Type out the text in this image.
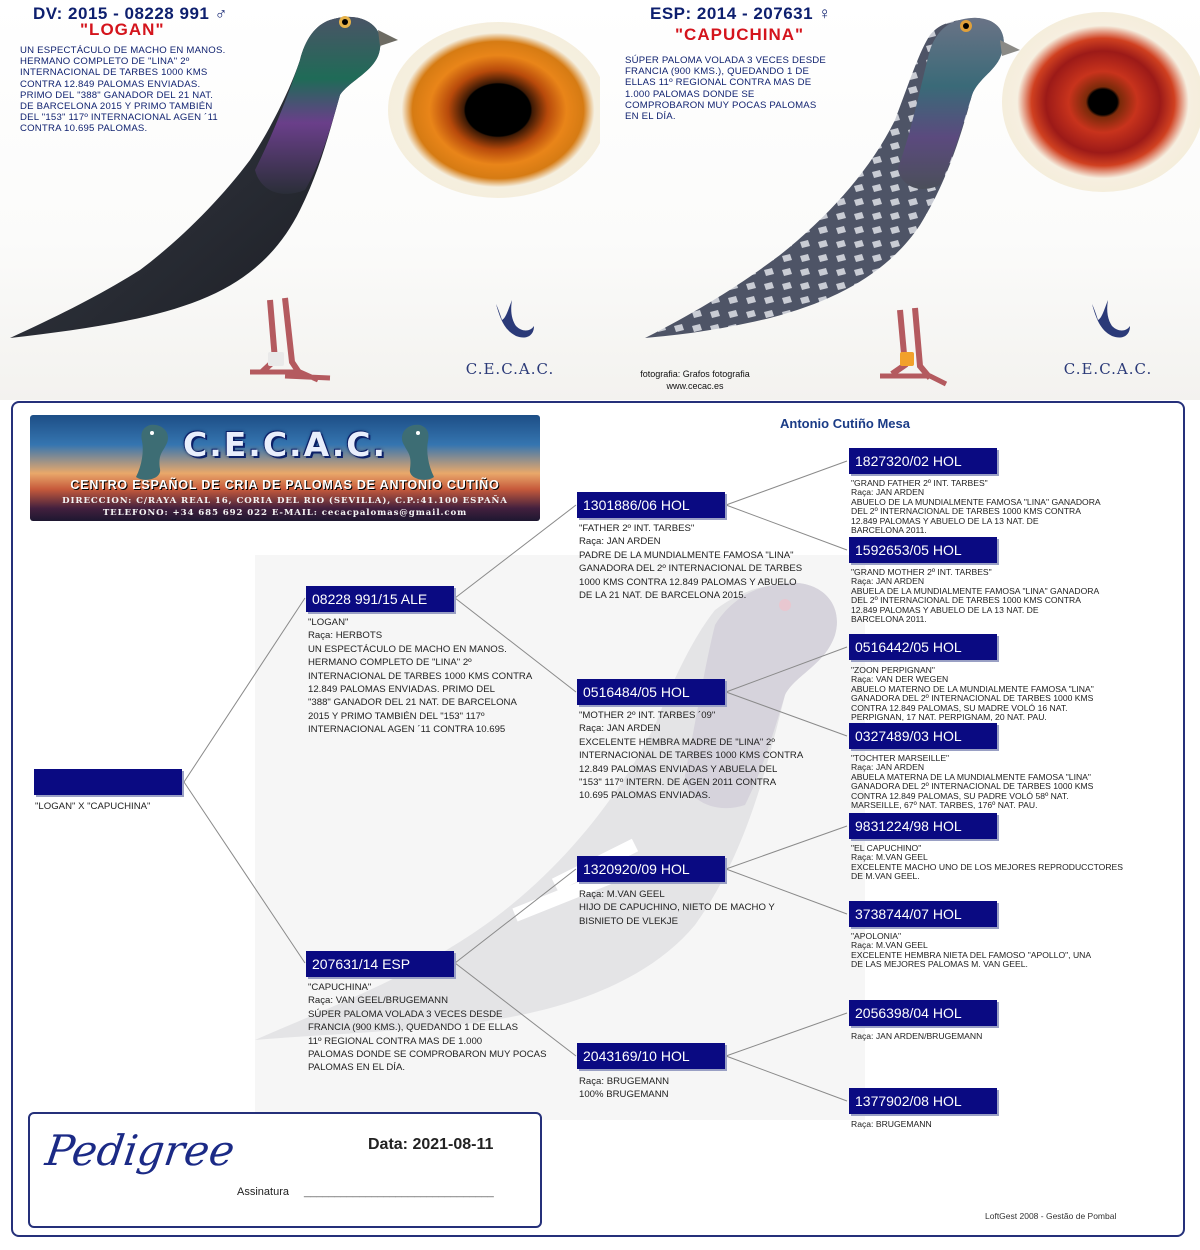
DV: 2015 - 08228 991 ♂
"LOGAN"
UN ESPECTÁCULO DE MACHO EN MANOS.
HERMANO COMPLETO DE "LINA" 2º
INTERNACIONAL DE TARBES 1000 KMS
CONTRA 12.849 PALOMAS ENVIADAS.
PRIMO DEL "388" GANADOR DEL 21 NAT.
DE BARCELONA 2015 Y PRIMO TAMBIÉN
DEL "153" 117º INTERNACIONAL AGEN ´11
CONTRA 10.695 PALOMAS.
C.E.C.A.C.
ESP: 2014 - 207631 ♀
"CAPUCHINA"
SÚPER PALOMA VOLADA 3 VECES DESDE
FRANCIA (900 KMS.), QUEDANDO 1 DE
ELLAS 11º REGIONAL CONTRA MAS DE
1.000 PALOMAS DONDE SE
COMPROBARON MUY POCAS PALOMAS
EN EL DÍA.
fotografia: Grafos fotografia
www.cecac.es
C.E.C.A.C.
C.E.C.A.C.
CENTRO ESPAÑOL DE CRIA DE PALOMAS DE ANTONIO CUTIÑO
DIRECCION: C/RAYA REAL 16, CORIA DEL RIO (SEVILLA), C.P.:41.100 ESPAÑA
TELEFONO: +34 685 692 022 E-MAIL: cecacpalomas@gmail.com
Antonio Cutiño Mesa
"LOGAN" X "CAPUCHINA"
08228 991/15 ALE
"LOGAN"
Raça: HERBOTS
UN ESPECTÁCULO DE MACHO EN MANOS.
HERMANO COMPLETO DE "LINA" 2º
INTERNACIONAL DE TARBES 1000 KMS CONTRA
12.849 PALOMAS ENVIADAS. PRIMO DEL
"388" GANADOR DEL 21 NAT. DE BARCELONA
2015 Y PRIMO TAMBIÉN DEL "153" 117º
INTERNACIONAL AGEN ´11 CONTRA 10.695
207631/14 ESP
"CAPUCHINA"
Raça: VAN GEEL/BRUGEMANN
SÚPER PALOMA VOLADA 3 VECES DESDE
FRANCIA (900 KMS.), QUEDANDO 1 DE ELLAS
11º REGIONAL CONTRA MAS DE 1.000
PALOMAS DONDE SE COMPROBARON MUY POCAS
PALOMAS EN EL DÍA.
1301886/06 HOL
"FATHER 2º INT. TARBES"
Raça: JAN ARDEN
PADRE DE LA MUNDIALMENTE FAMOSA "LINA"
GANADORA DEL 2º INTERNACIONAL DE TARBES
1000 KMS CONTRA 12.849 PALOMAS Y ABUELO
DE LA 21 NAT. DE BARCELONA 2015.
0516484/05 HOL
"MOTHER 2º INT. TARBES ´09"
Raça: JAN ARDEN
EXCELENTE HEMBRA MADRE DE "LINA" 2º
INTERNACIONAL DE TARBES 1000 KMS CONTRA
12.849 PALOMAS ENVIADAS Y ABUELA DEL
"153" 117º INTERN. DE AGEN 2011 CONTRA
10.695 PALOMAS ENVIADAS.
1320920/09 HOL
Raça: M.VAN GEEL
HIJO DE CAPUCHINO, NIETO DE MACHO Y
BISNIETO DE VLEKJE
2043169/10 HOL
Raça: BRUGEMANN
100% BRUGEMANN
1827320/02 HOL
"GRAND FATHER 2º INT. TARBES"
Raça: JAN ARDEN
ABUELO DE LA MUNDIALMENTE FAMOSA "LINA" GANADORA
DEL 2º INTERNACIONAL DE TARBES 1000 KMS CONTRA
12.849 PALOMAS Y ABUELO DE LA 13 NAT. DE
BARCELONA 2011.
1592653/05 HOL
"GRAND MOTHER 2º INT. TARBES"
Raça: JAN ARDEN
ABUELA DE LA MUNDIALMENTE FAMOSA "LINA" GANADORA
DEL 2º INTERNACIONAL DE TARBES 1000 KMS CONTRA
12.849 PALOMAS Y ABUELO DE LA 13 NAT. DE
BARCELONA 2011.
0516442/05 HOL
"ZOON PERPIGNAN"
Raça: VAN DER WEGEN
ABUELO MATERNO DE LA MUNDIALMENTE FAMOSA "LINA"
GANADORA DEL 2º INTERNACIONAL DE TARBES 1000 KMS
CONTRA 12.849 PALOMAS, SU MADRE VOLÓ 16 NAT.
PERPIGNAN, 17 NAT. PERPIGNAM, 20 NAT. PAU.
0327489/03 HOL
"TOCHTER MARSEILLE"
Raça: JAN ARDEN
ABUELA MATERNA DE LA MUNDIALMENTE FAMOSA "LINA"
GANADORA DEL 2º INTERNACIONAL DE TARBES 1000 KMS
CONTRA 12.849 PALOMAS, SU PADRE VOLÓ 58º NAT.
MARSEILLE, 67º NAT. TARBES, 176º NAT. PAU.
9831224/98 HOL
"EL CAPUCHINO"
Raça: M.VAN GEEL
EXCELENTE MACHO UNO DE LOS MEJORES REPRODUCCTORES
DE M.VAN GEEL.
3738744/07 HOL
"APOLONIA"
Raça: M.VAN GEEL
EXCELENTE HEMBRA NIETA DEL FAMOSO "APOLLO", UNA
DE LAS MEJORES PALOMAS M. VAN GEEL.
2056398/04 HOL
Raça: JAN ARDEN/BRUGEMANN
1377902/08 HOL
Raça: BRUGEMANN
Pedigree	Data: 2021-08-11
Assinatura _______________________________
LoftGest 2008 - Gestão de Pombal
